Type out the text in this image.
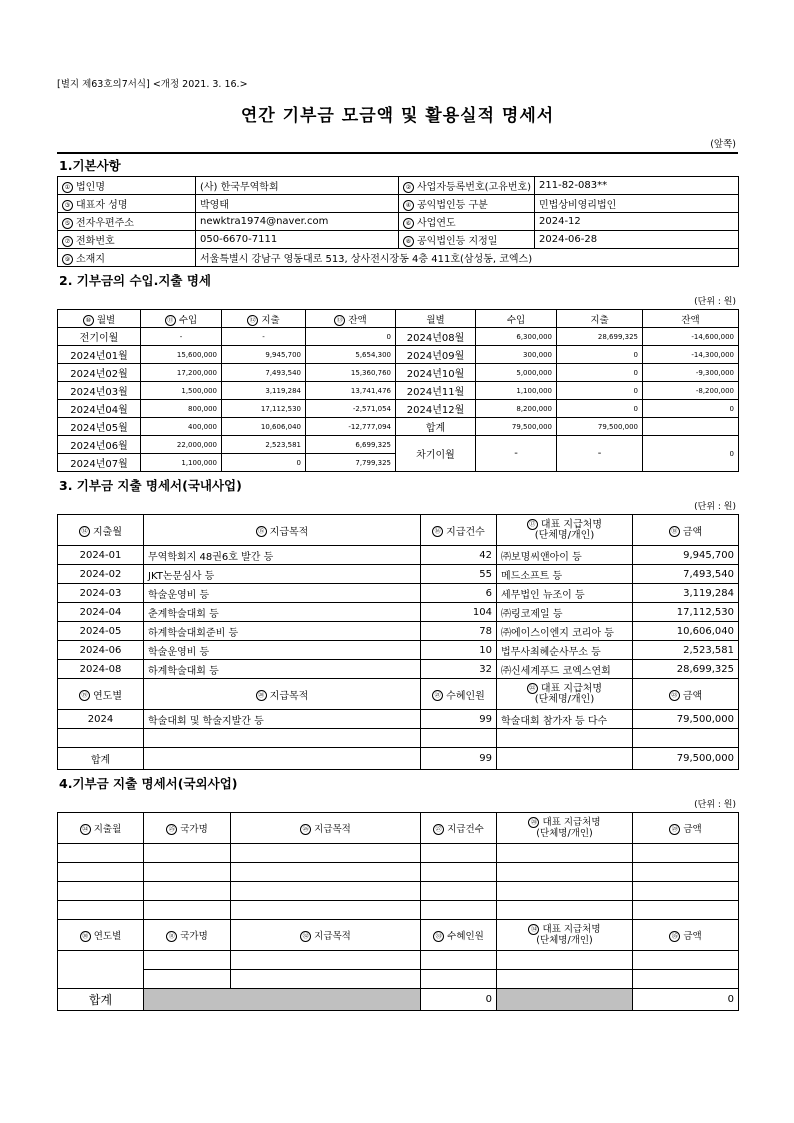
[별지 제63호의7서식] <개정 2021. 3. 16.>
연간 기부금 모금액 및 활용실적 명세서
(앞쪽)
1.기본사항
① 법인명	(사) 한국무역학회	② 사업자등록번호(고유번호)	211-82-083**
③ 대표자 성명	박영태	④ 공익법인등 구분	민법상비영리법인
⑤ 전자우편주소	newktra1974@naver.com	⑥ 사업연도	2024-12
⑦ 전화번호	050-6670-7111	⑧ 공익법인등 지정일	2024-06-28
⑨ 소재지	서울특별시 강남구 영동대로 513, 상사전시장동 4층 411호(삼성동, 코엑스)		
2. 기부금의 수입.지출 명세
(단위 : 원)
⑩ 월별	⑪ 수입	⑫ 지출	⑬ 잔액	월별	수입	지출	잔액
전기이월	-	-	0	2024년08월	6,300,000	28,699,325	-14,600,000
2024년01월	15,600,000	9,945,700	5,654,300	2024년09월	300,000	0	-14,300,000
2024년02월	17,200,000	7,493,540	15,360,760	2024년10월	5,000,000	0	-9,300,000
2024년03월	1,500,000	3,119,284	13,741,476	2024년11월	1,100,000	0	-8,200,000
2024년04월	800,000	17,112,530	-2,571,054	2024년12월	8,200,000	0	0
2024년05월	400,000	10,606,040	-12,777,094	합계	79,500,000	79,500,000	
2024년06월	22,000,000	2,523,581	6,699,325	차기이월	-	-	0
2024년07월	1,100,000	0	7,799,325				
3. 기부금 지출 명세서(국내사업)
(단위 : 원)
⑭ 지출월	⑮ 지급목적	⑯ 지급건수	⑰ 대표 지급처명
(단체명/개인)	⑱ 금액
2024-01	무역학회지 48권6호 발간 등	42	㈜보명씨앤아이 등	9,945,700
2024-02	JKT논문심사 등	55	메드소프트 등	7,493,540
2024-03	학술운영비 등	6	세무법인 뉴조이 등	3,119,284
2024-04	춘계학술대회 등	104	㈜링코제일 등	17,112,530
2024-05	하계학술대회준비 등	78	㈜에이스이엔지 코리아 등	10,606,040
2024-06	학술운영비 등	10	법무사최혜순사무소 등	2,523,581
2024-08	하계학술대회 등	32	㈜신세계푸드 코엑스연회	28,699,325
⑲ 연도별	⑳ 지급목적	㉑ 수혜인원	㉒ 대표 지급처명
(단체명/개인)	㉓ 금액
2024	학술대회 및 학술지발간 등	99	학술대회 참가자 등 다수	79,500,000

합계		99		79,500,000
4.기부금 지출 명세서(국외사업)
(단위 : 원)
㉔ 지출월	㉕ 국가명	㉖ 지급목적	㉗ 지급건수	㉘ 대표 지급처명
(단체명/개인)	㉙ 금액

㉚ 연도별	㉛ 국가명	㉜ 지급목적	㉝ 수혜인원	㉞ 대표 지급처명
(단체명/개인)	㉟ 금액

합계			0		0
